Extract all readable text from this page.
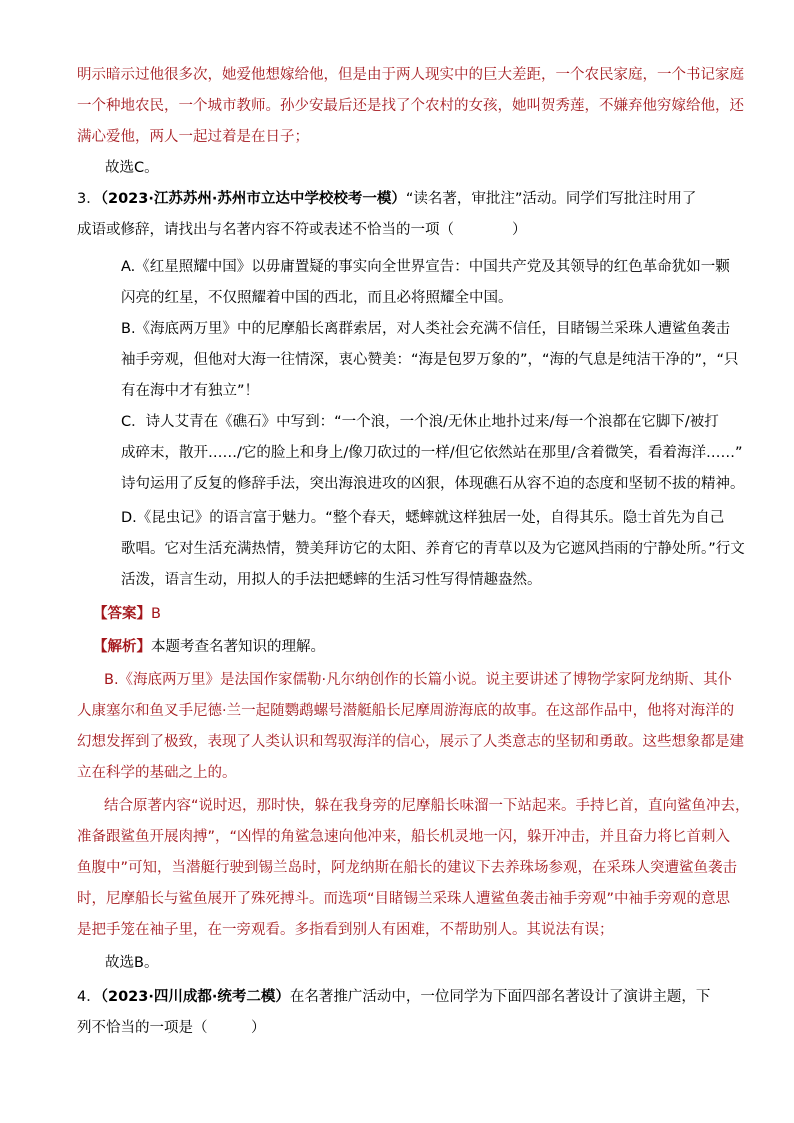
明示暗示过他很多次，她爱他想嫁给他，但是由于两人现实中的巨大差距，一个农民家庭，一个书记家庭
一个种地农民，一个城市教师。孙少安最后还是找了个农村的女孩，她叫贺秀莲，不嫌弃他穷嫁给他，还
满心爱他，两人一起过着是在日子；
故选C。
3．（2023·江苏苏州·苏州市立达中学校校考一模）“读名著，审批注”活动。同学们写批注时用了
成语或修辞，请找出与名著内容不符或表述不恰当的一项（　　　　）
A.《红星照耀中国》以毋庸置疑的事实向全世界宣告：中国共产党及其领导的红色革命犹如一颗
闪亮的红星，不仅照耀着中国的西北，而且必将照耀全中国。
B.《海底两万里》中的尼摩船长离群索居，对人类社会充满不信任，目睹锡兰采珠人遭鲨鱼袭击
袖手旁观，但他对大海一往情深，衷心赞美：“海是包罗万象的”，“海的气息是纯洁干净的”，“只
有在海中才有独立”！
C．诗人艾青在《礁石》中写到：“一个浪，一个浪/无休止地扑过来/每一个浪都在它脚下/被打
成碎末，散开……/它的脸上和身上/像刀砍过的一样/但它依然站在那里/含着微笑，看着海洋……”
诗句运用了反复的修辞手法，突出海浪进攻的凶狠，体现礁石从容不迫的态度和坚韧不拔的精神。
D.《昆虫记》的语言富于魅力。“整个春天，蟋蟀就这样独居一处，自得其乐。隐士首先为自己
歌唱。它对生活充满热情，赞美拜访它的太阳、养育它的青草以及为它遮风挡雨的宁静处所。”行文
活泼，语言生动，用拟人的手法把蟋蟀的生活习性写得情趣盎然。
【答案】B
【解析】本题考查名著知识的理解。
B.《海底两万里》是法国作家儒勒·凡尔纳创作的长篇小说。说主要讲述了博物学家阿龙纳斯、其仆
人康塞尔和鱼叉手尼德·兰一起随鹦鹉螺号潜艇船长尼摩周游海底的故事。在这部作品中，他将对海洋的
幻想发挥到了极致，表现了人类认识和驾驭海洋的信心，展示了人类意志的坚韧和勇敢。这些想象都是建
立在科学的基础之上的。
结合原著内容“说时迟，那时快，躲在我身旁的尼摩船长味溜一下站起来。手持匕首，直向鲨鱼冲去，
准备跟鲨鱼开展肉搏”，“凶悍的角鲨急速向他冲来，船长机灵地一闪，躲开冲击，并且奋力将匕首刺入
鱼腹中”可知，当潜艇行驶到锡兰岛时，阿龙纳斯在船长的建议下去养珠场参观，在采珠人突遭鲨鱼袭击
时，尼摩船长与鲨鱼展开了殊死搏斗。而选项“目睹锡兰采珠人遭鲨鱼袭击袖手旁观”中袖手旁观的意思
是把手笼在袖子里，在一旁观看。多指看到别人有困难，不帮助别人。其说法有误；
故选B。
4．（2023·四川成都·统考二模）在名著推广活动中，一位同学为下面四部名著设计了演讲主题，下
列不恰当的一项是（　　　）
